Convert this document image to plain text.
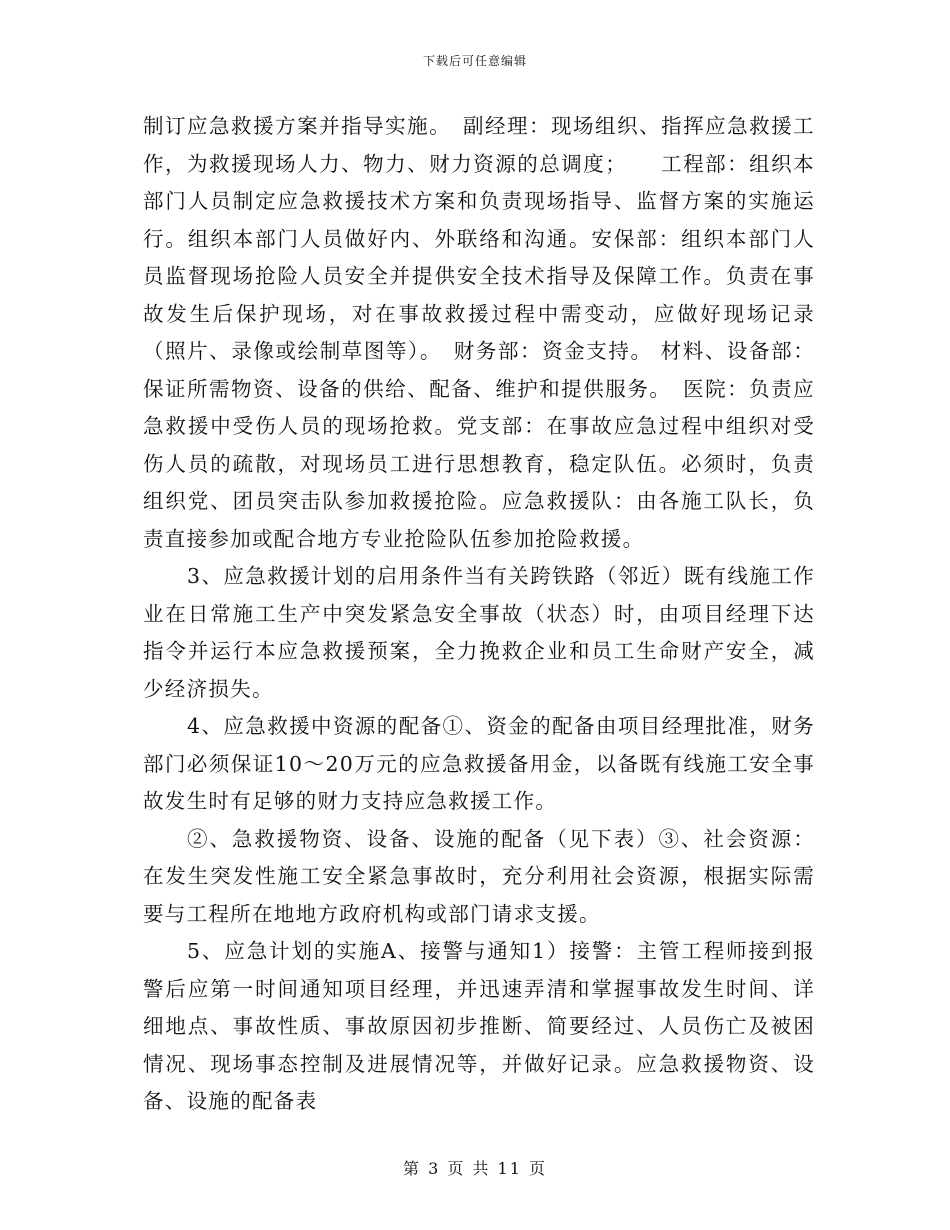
下载后可任意编辑

制订应急救援方案并指导实施。　副经理：现场组织、指挥应急救援工作，为救援现场人力、物力、财力资源的总调度；　　工程部：组织本部门人员制定应急救援技术方案和负责现场指导、监督方案的实施运行。组织本部门人员做好内、外联络和沟通。安保部：组织本部门人员监督现场抢险人员安全并提供安全技术指导及保障工作。负责在事故发生后保护现场，对在事故救援过程中需变动，应做好现场记录（照片、录像或绘制草图等）。　财务部：资金支持。 材料、设备部：保证所需物资、设备的供给、配备、维护和提供服务。　医院：负责应急救援中受伤人员的现场抢救。党支部：在事故应急过程中组织对受伤人员的疏散，对现场员工进行思想教育，稳定队伍。必须时，负责组织党、团员突击队参加救援抢险。应急救援队：由各施工队长，负责直接参加或配合地方专业抢险队伍参加抢险救援。

3、应急救援计划的启用条件当有关跨铁路（邻近）既有线施工作业在日常施工生产中突发紧急安全事故（状态）时，由项目经理下达指令并运行本应急救援预案，全力挽救企业和员工生命财产安全，减少经济损失。

4、应急救援中资源的配备①、资金的配备由项目经理批准，财务部门必须保证10～20万元的应急救援备用金，以备既有线施工安全事故发生时有足够的财力支持应急救援工作。

②、急救援物资、设备、设施的配备（见下表）③、社会资源：在发生突发性施工安全紧急事故时，充分利用社会资源，根据实际需要与工程所在地地方政府机构或部门请求支援。

5、应急计划的实施A、接警与通知1）接警：主管工程师接到报警后应第一时间通知项目经理，并迅速弄清和掌握事故发生时间、详细地点、事故性质、事故原因初步推断、简要经过、人员伤亡及被困情况、现场事态控制及进展情况等，并做好记录。应急救援物资、设备、设施的配备表

第 3 页 共 11 页
